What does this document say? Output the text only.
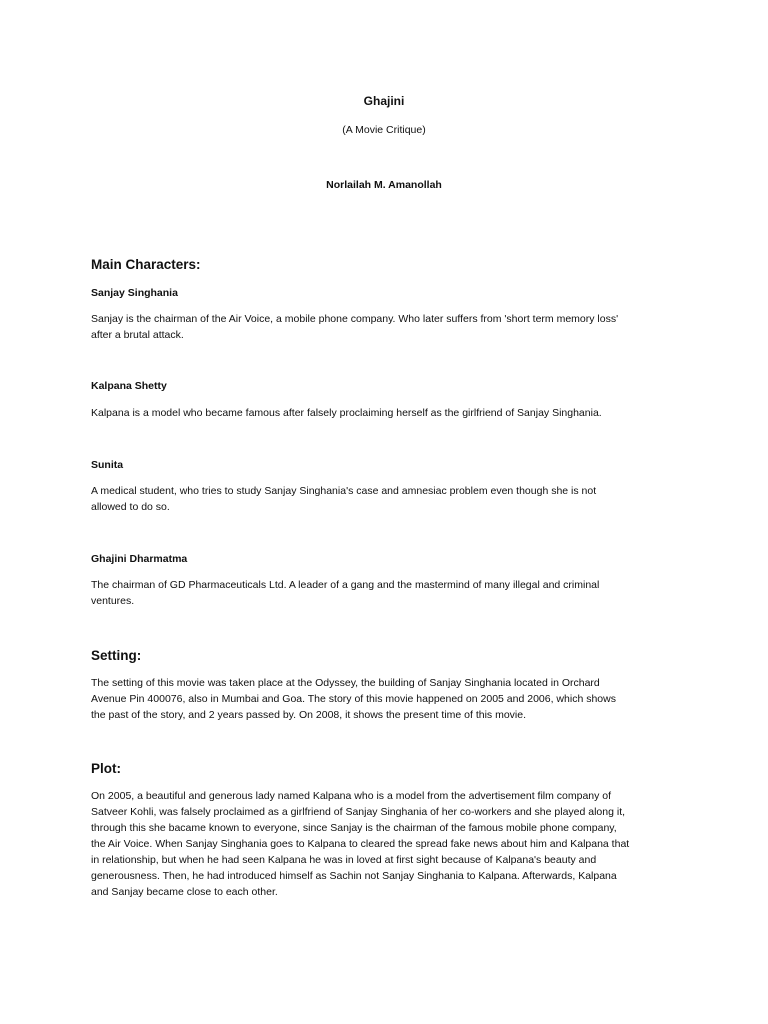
Ghajini
(A Movie Critique)
Norlailah M. Amanollah
Main Characters:
Sanjay Singhania
Sanjay is the chairman of the Air Voice, a mobile phone company. Who later suffers from 'short term memory loss'
after a brutal attack.
Kalpana Shetty
Kalpana is a model who became famous after falsely proclaiming herself as the girlfriend of Sanjay Singhania.
Sunita
A medical student, who tries to study Sanjay Singhania's case and amnesiac problem even though she is not
allowed to do so.
Ghajini Dharmatma
The chairman of GD Pharmaceuticals Ltd. A leader of a gang and the mastermind of many illegal and criminal
ventures.
Setting:
The setting of this movie was taken place at the Odyssey, the building of Sanjay Singhania located in Orchard
Avenue Pin 400076, also in Mumbai and Goa. The story of this movie happened on 2005 and 2006, which shows
the past of the story, and 2 years passed by. On 2008, it shows the present time of this movie.
Plot:
On 2005, a beautiful and generous lady named Kalpana who is a model from the advertisement film company of
Satveer Kohli, was falsely proclaimed as a girlfriend of Sanjay Singhania of her co-workers and she played along it,
through this she bacame known to everyone, since Sanjay is the chairman of the famous mobile phone company,
the Air Voice. When Sanjay Singhania goes to Kalpana to cleared the spread fake news about him and Kalpana that
in relationship, but when he had seen Kalpana he was in loved at first sight because of Kalpana's beauty and
generousness. Then, he had introduced himself as Sachin not Sanjay Singhania to Kalpana. Afterwards, Kalpana
and Sanjay became close to each other.
